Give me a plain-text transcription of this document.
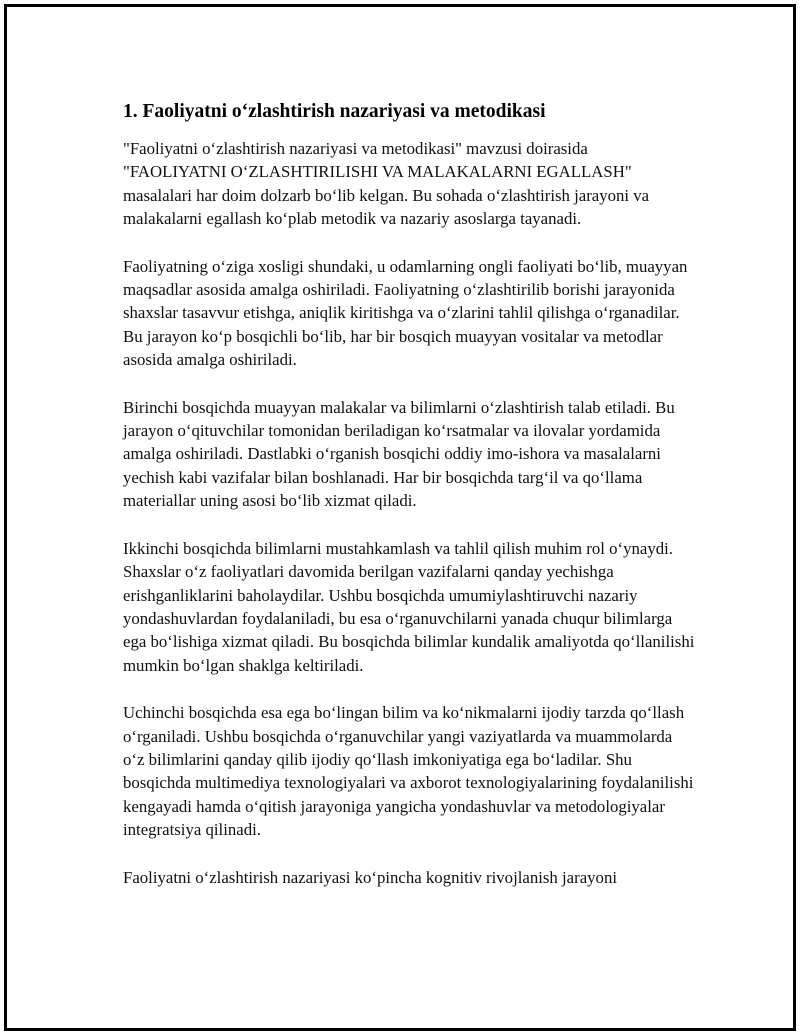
1. Faoliyatni o‘zlashtirish nazariyasi va metodikasi

"Faoliyatni o‘zlashtirish nazariyasi va metodikasi" mavzusi doirasida "FAOLIYATNI O‘ZLASHTIRILISHI VA MALAKALARNI EGALLASH" masalalari har doim dolzarb bo‘lib kelgan. Bu sohada o‘zlashtirish jarayoni va malakalarni egallash ko‘plab metodik va nazariy asoslarga tayanadi.

Faoliyatning o‘ziga xosligi shundaki, u odamlarning ongli faoliyati bo‘lib, muayyan maqsadlar asosida amalga oshiriladi. Faoliyatning o‘zlashtirilib borishi jarayonida shaxslar tasavvur etishga, aniqlik kiritishga va o‘zlarini tahlil qilishga o‘rganadilar. Bu jarayon ko‘p bosqichli bo‘lib, har bir bosqich muayyan vositalar va metodlar asosida amalga oshiriladi.

Birinchi bosqichda muayyan malakalar va bilimlarni o‘zlashtirish talab etiladi. Bu jarayon o‘qituvchilar tomonidan beriladigan ko‘rsatmalar va ilovalar yordamida amalga oshiriladi. Dastlabki o‘rganish bosqichi oddiy imo-ishora va masalalarni yechish kabi vazifalar bilan boshlanadi. Har bir bosqichda targ‘il va qo‘llama materiallar uning asosi bo‘lib xizmat qiladi.

Ikkinchi bosqichda bilimlarni mustahkamlash va tahlil qilish muhim rol o‘ynaydi. Shaxslar o‘z faoliyatlari davomida berilgan vazifalarni qanday yechishga erishganliklarini baholaydilar. Ushbu bosqichda umumiylashtiruvchi nazariy yondashuvlardan foydalaniladi, bu esa o‘rganuvchilarni yanada chuqur bilimlarga ega bo‘lishiga xizmat qiladi. Bu bosqichda bilimlar kundalik amaliyotda qo‘llanilishi mumkin bo‘lgan shaklga keltiriladi.

Uchinchi bosqichda esa ega bo‘lingan bilim va ko‘nikmalarni ijodiy tarzda qo‘llash o‘rganiladi. Ushbu bosqichda o‘rganuvchilar yangi vaziyatlarda va muammolarda o‘z bilimlarini qanday qilib ijodiy qo‘llash imkoniyatiga ega bo‘ladilar. Shu bosqichda multimediya texnologiyalari va axborot texnologiyalarining foydalanilishi kengayadi hamda o‘qitish jarayoniga yangicha yondashuvlar va metodologiyalar integratsiya qilinadi.

Faoliyatni o‘zlashtirish nazariyasi ko‘pincha kognitiv rivojlanish jarayoni
